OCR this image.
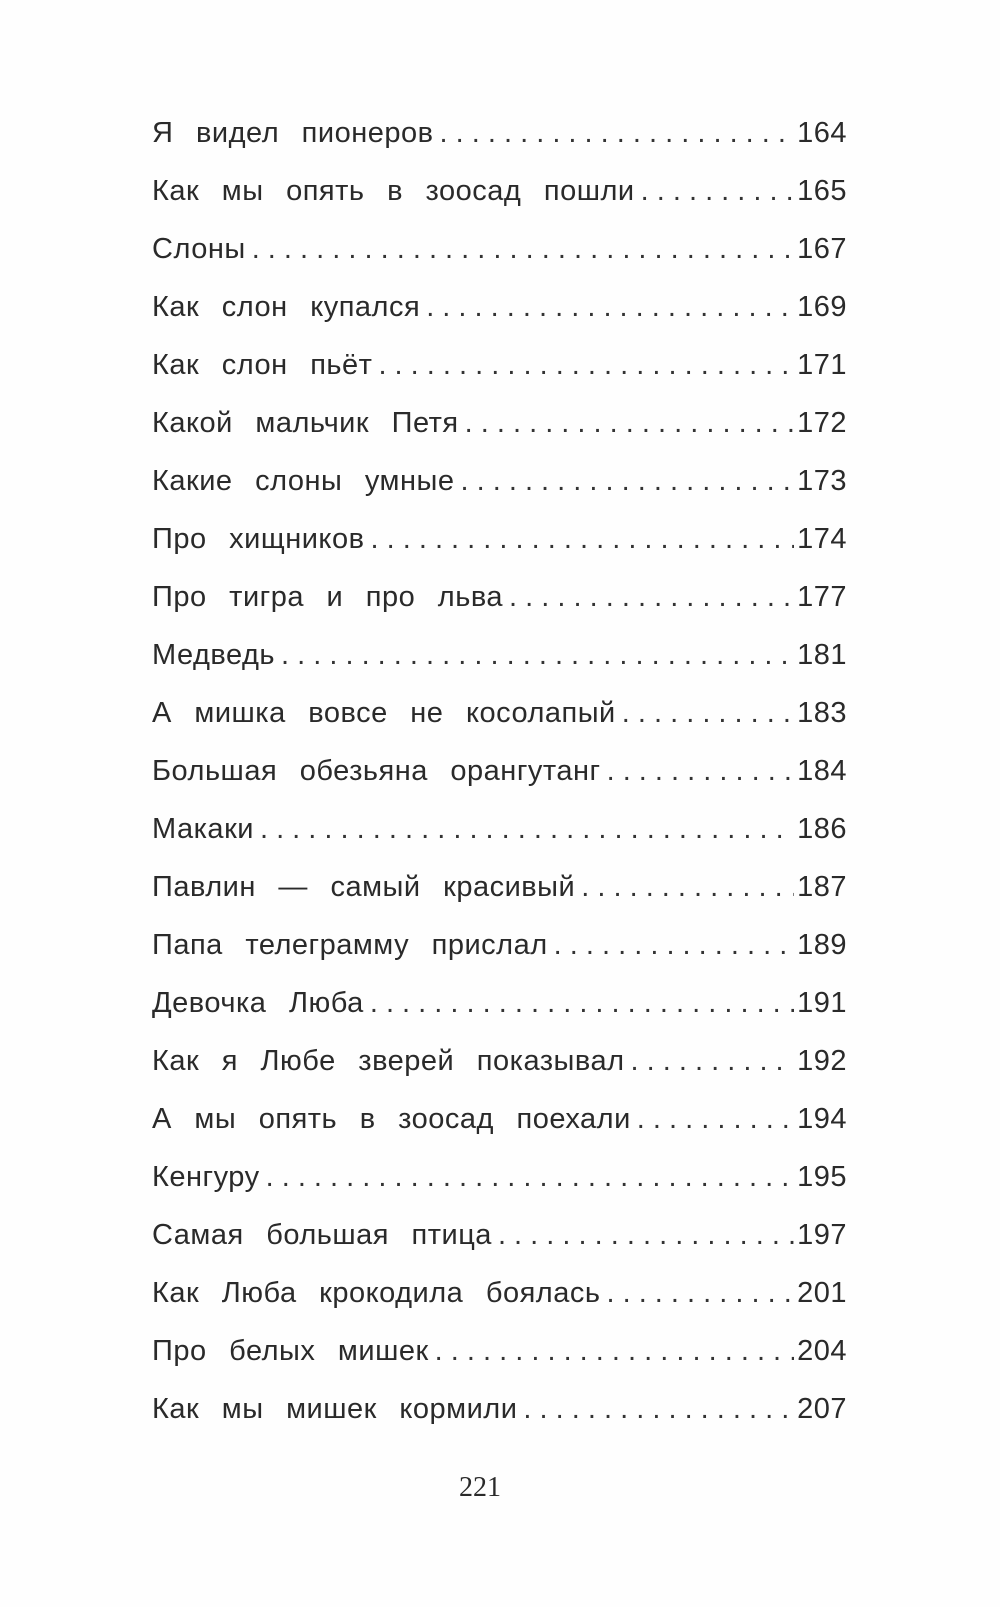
Я видел пионеров . . .	164
Как мы опять в зоосад пошли . . .	165
Слоны . . .	167
Как слон купался . . .	169
Как слон пьёт . . .	171
Какой мальчик Петя . . .	172
Какие слоны умные . . .	173
Про хищников . . .	174
Про тигра и про льва . . .	177
Медведь . . .	181
А мишка вовсе не косолапый . . .	183
Большая обезьяна орангутанг . . .	184
Макаки . . .	186
Павлин — самый красивый . . .	187
Папа телеграмму прислал . . .	189
Девочка Люба . . .	191
Как я Любе зверей показывал . . .	192
А мы опять в зоосад поехали . . .	194
Кенгуру . . .	195
Самая большая птица . . .	197
Как Люба крокодила боялась . . .	201
Про белых мишек . . .	204
Как мы мишек кормили . . .	207
221
